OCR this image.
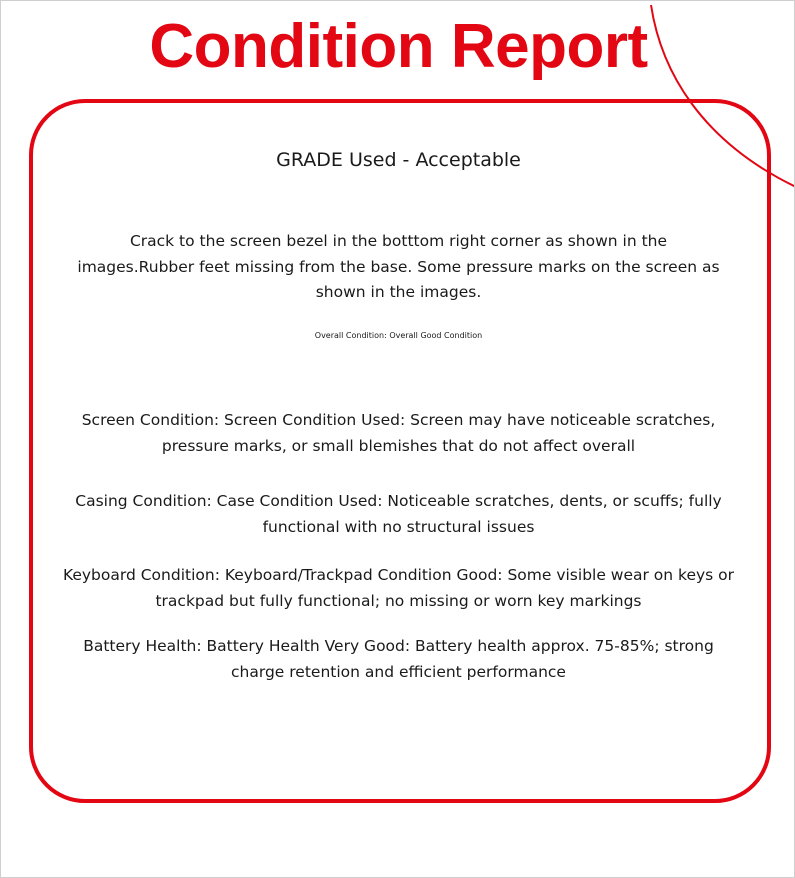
Condition Report
GRADE Used - Acceptable
Crack to the screen bezel in the botttom right corner as shown in the images.Rubber feet missing from the base. Some pressure marks on the screen as shown in the images.
Overall Condition: Overall Good Condition
Screen Condition: Screen Condition Used: Screen may have noticeable scratches, pressure marks, or small blemishes that do not affect overall
Casing Condition: Case Condition Used: Noticeable scratches, dents, or scuffs; fully functional with no structural issues
Keyboard Condition: Keyboard/Trackpad Condition Good: Some visible wear on keys or trackpad but fully functional; no missing or worn key markings
Battery Health: Battery Health Very Good: Battery health approx. 75-85%; strong charge retention and efficient performance
